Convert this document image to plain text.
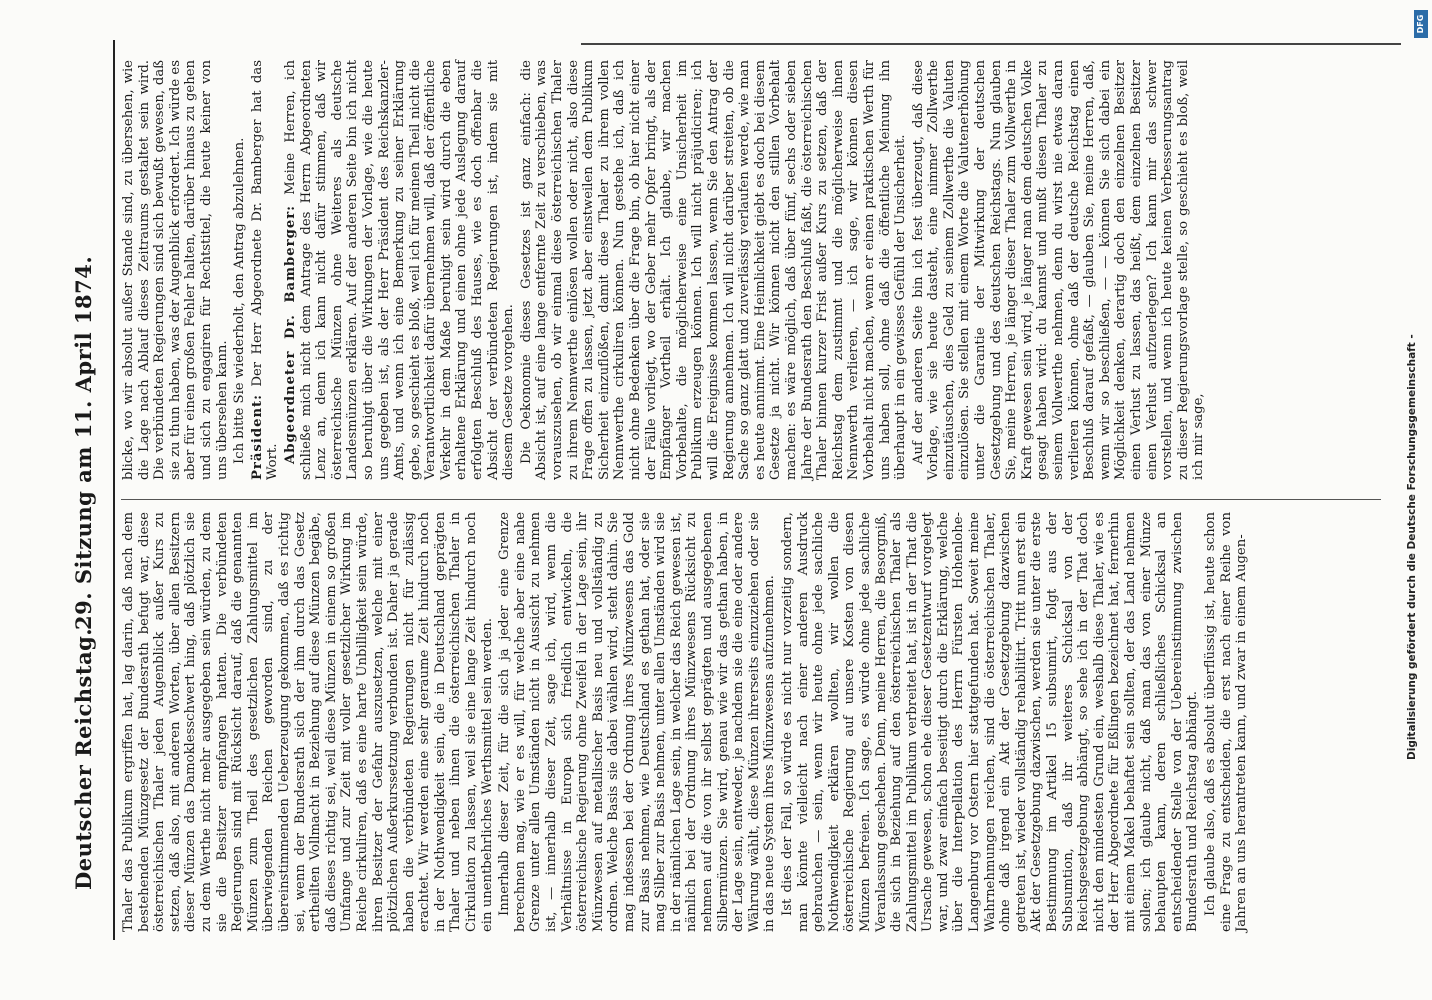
Deutscher Reichstag.
29. Sitzung am 11. April 1874.

Thaler das Publikum ergriffen hat, lag darin, daß nach dem bestehenden Münzgesetz der Bundesrath befugt war, diese österreichischen Thaler jeden Augenblick außer Kurs zu setzen, daß also, mit anderen Worten, über allen Besitzern dieser Münzen das Damoklesschwert hing, daß plötzlich sie zu dem Werthe nicht mehr ausgegeben sein würden, zu dem sie die Besitzer empfangen hatten. Die verbündeten Regierungen sind mit Rücksicht darauf, daß die genannten Münzen zum Theil des gesetzlichen Zahlungsmittel im überwiegenden Reichen geworden sind, zu der übereinstimmenden Ueberzeugung gekommen, daß es richtig sei, wenn der Bundesrath sich der ihm durch das Gesetz ertheilten Vollmacht in Beziehung auf diese Münzen begäbe, daß dieses richtig sei, weil diese Münzen in einem so großen Umfange und zur Zeit mit voller gesetzlicher Wirkung im Reiche cirkuliren, daß es eine harte Unbilligkeit sein würde, ihren Besitzer der Gefahr auszusetzen, welche mit einer plötzlichen Außerkurssetzung verbunden ist. Daher ja gerade haben die verbündeten Regierungen nicht für zulässig erachtet. Wir werden eine sehr geraume Zeit hindurch noch in der Nothwendigkeit sein, die in Deutschland geprägten Thaler und neben ihnen die österreichischen Thaler in Cirkulation zu lassen, weil sie eine lange Zeit hindurch noch ein unentbehrliches Werthsmittel sein werden. Innerhalb dieser Zeit, für die sich ja jeder eine Grenze berechnen mag, wie er es will, für welche aber eine nahe Grenze unter allen Umständen nicht in Aussicht zu nehmen ist, — innerhalb dieser Zeit, sage ich, wird, wenn die Verhältnisse in Europa sich friedlich entwickeln, die österreichische Regierung ohne Zweifel in der Lage sein, ihr Münzwesen auf metallischer Basis neu und vollständig zu ordnen. Welche Basis sie dabei wählen wird, steht dahin. Sie mag indessen bei der Ordnung ihres Münzwesens das Gold zur Basis nehmen, wie Deutschland es gethan hat, oder sie mag Silber zur Basis nehmen, unter allen Umständen wird sie in der nämlichen Lage sein, in welcher das Reich gewesen ist, nämlich bei der Ordnung ihres Münzwesens Rücksicht zu nehmen auf die von ihr selbst geprägten und ausgegebenen Silbermünzen. Sie wird, genau wie wir das gethan haben, in der Lage sein, entweder, je nachdem sie die eine oder andere Währung wählt, diese Münzen ihrerseits einzuziehen oder sie in das neue System ihres Münzwesens aufzunehmen. Ist dies der Fall, so würde es nicht nur vorzeitig sondern, man könnte vielleicht nach einer anderen Ausdruck gebrauchen — sein, wenn wir heute ohne jede sachliche Nothwendigkeit erklären wollten, wir wollen die österreichische Regierung auf unsere Kosten von diesen Münzen befreien. Ich sage, es würde ohne jede sachliche Veranlassung geschehen. Denn, meine Herren, die Besorgniß, die sich in Beziehung auf den österreichischen Thaler als Zahlungsmittel im Publikum verbreitet hat, ist in der That die Ursache gewesen, schon ehe dieser Gesetzentwurf vorgelegt war, und zwar einfach beseitigt durch die Erklärung, welche über die Interpellation des Herrn Fürsten Hohenlohe-Langenburg vor Ostern hier stattgefunden hat. Soweit meine Wahrnehmungen reichen, sind die österreichischen Thaler, ohne daß irgend ein Akt der Gesetzgebung dazwischen getreten ist, wieder vollständig rehabilitirt. Tritt nun erst ein Akt der Gesetzgebung dazwischen, werden sie unter die erste Bestimmung im Artikel 15 subsumirt, folgt aus der Subsumtion, daß ihr weiteres Schicksal von der Reichsgesetzgebung abhängt, so sehe ich in der That doch nicht den mindesten Grund ein, weshalb diese Thaler, wie es der Herr Abgeordnete für Eßlingen bezeichnet hat, fernerhin mit einem Makel behaftet sein sollten, der das Land nehmen sollen; ich glaube nicht, daß man das von einer Münze behaupten kann, deren schließliches Schicksal an entscheidender Stelle von der Uebereinstimmung zwischen Bundesrath und Reichstag abhängt. Ich glaube also, daß es absolut überflüssig ist, heute schon eine Frage zu entscheiden, die erst nach einer Reihe von Jahren an uns herantreten kann, und zwar in einem Augen-

blicke, wo wir absolut außer Stande sind, zu übersehen, wie die Lage nach Ablauf dieses Zeitraums gestaltet sein wird. Die verbündeten Regierungen sind sich bewußt gewesen, daß sie zu thun haben, was der Augenblick erfordert. Ich würde es aber für einen großen Fehler halten, darüber hinaus zu gehen und sich zu engagiren für Rechtstitel, die heute keiner von uns übersehen kann. Ich bitte Sie wiederholt, den Antrag abzulehnen. Präsident: Der Herr Abgeordnete Dr. Bamberger hat das Wort. Abgeordneter Dr. Bamberger: Meine Herren, ich schließe mich nicht dem Antrage des Herrn Abgeordneten Lenz an, denn ich kann nicht dafür stimmen, daß wir österreichische Münzen ohne Weiteres als deutsche Landesmünzen erklären. Auf der anderen Seite bin ich nicht so beruhigt über die Wirkungen der Vorlage, wie die heute uns gegeben ist, als der Herr Präsident des Reichskanzler-Amts, und wenn ich eine Bemerkung zu seiner Erklärung gebe, so geschieht es bloß, weil ich für meinen Theil nicht die Verantwortlichkeit dafür übernehmen will, daß der öffentliche Verkehr in dem Maße beruhigt sein wird durch die eben erhaltene Erklärung und einen ohne jede Auslegung darauf erfolgten Beschluß des Hauses, wie es doch offenbar die Absicht der verbündeten Regierungen ist, indem sie mit diesem Gesetze vorgehen. Die Oekonomie dieses Gesetzes ist ganz einfach: die Absicht ist, auf eine lange entfernte Zeit zu verschieben, was vorauszusehen, ob wir einmal diese österreichischen Thaler zu ihrem Nennwerthe einlösen wollen oder nicht, also diese Frage offen zu lassen, jetzt aber einstweilen dem Publikum Sicherheit einzuflößen, damit diese Thaler zu ihrem vollen Nennwerthe cirkuliren können. Nun gestehe ich, daß ich nicht ohne Bedenken über die Frage bin, ob hier nicht einer der Fälle vorliegt, wo der Geber mehr Opfer bringt, als der Empfänger Vortheil erhält. Ich glaube, wir machen Vorbehalte, die möglicherweise eine Unsicherheit im Publikum erzeugen können. Ich will nicht präjudiciren; ich will die Ereignisse kommen lassen, wenn Sie den Antrag der Regierung annehmen. Ich will nicht darüber streiten, ob die Sache so ganz glatt und zuverlässig verlaufen werde, wie man es heute annimmt. Eine Heimlichkeit giebt es doch bei diesem Gesetze ja nicht. Wir können nicht den stillen Vorbehalt machen: es wäre möglich, daß über fünf, sechs oder sieben Jahre der Bundesrath den Beschluß faßt, die österreichischen Thaler binnen kurzer Frist außer Kurs zu setzen, daß der Reichstag dem zustimmt und die möglicherweise ihnen Nennwerth verlieren, — ich sage, wir können diesen Vorbehalt nicht machen, wenn er einen praktischen Werth für uns haben soll, ohne daß die öffentliche Meinung ihn überhaupt in ein gewisses Gefühl der Unsicherheit. Auf der anderen Seite bin ich fest überzeugt, daß diese Vorlage, wie sie heute dasteht, eine nimmer Zollwerthe einzutäuschen, dies Geld zu seinem Zollwerthe die Valuten einzulösen. Sie stellen mit einem Worte die Valutenerhöhung unter die Garantie der Mitwirkung der deutschen Gesetzgebung und des deutschen Reichstags. Nun glauben Sie, meine Herren, je länger dieser Thaler zum Vollwerthe in Kraft gewesen sein wird, je länger man dem deutschen Volke gesagt haben wird: du kannst und mußt diesen Thaler zu seinem Vollwerthe nehmen, denn du wirst nie etwas daran verlieren können, ohne daß der deutsche Reichstag einen Beschluß darauf gefaßt, — glauben Sie, meine Herren, daß, wenn wir so beschließen, — — können Sie sich dabei ein Möglichkeit denken, derartig doch den einzelnen Besitzer einen Verlust zu lassen, das heißt, dem einzelnen Besitzer einen Verlust aufzuerlegen? Ich kann mir das schwer vorstellen, und wenn ich heute keinen Verbesserungsantrag zu dieser Regierungsvorlage stelle, so geschieht es bloß, weil ich mir sage,	Digitalisierung gefördert durch die Deutsche Forschungsgemeinschaft -
DFG
